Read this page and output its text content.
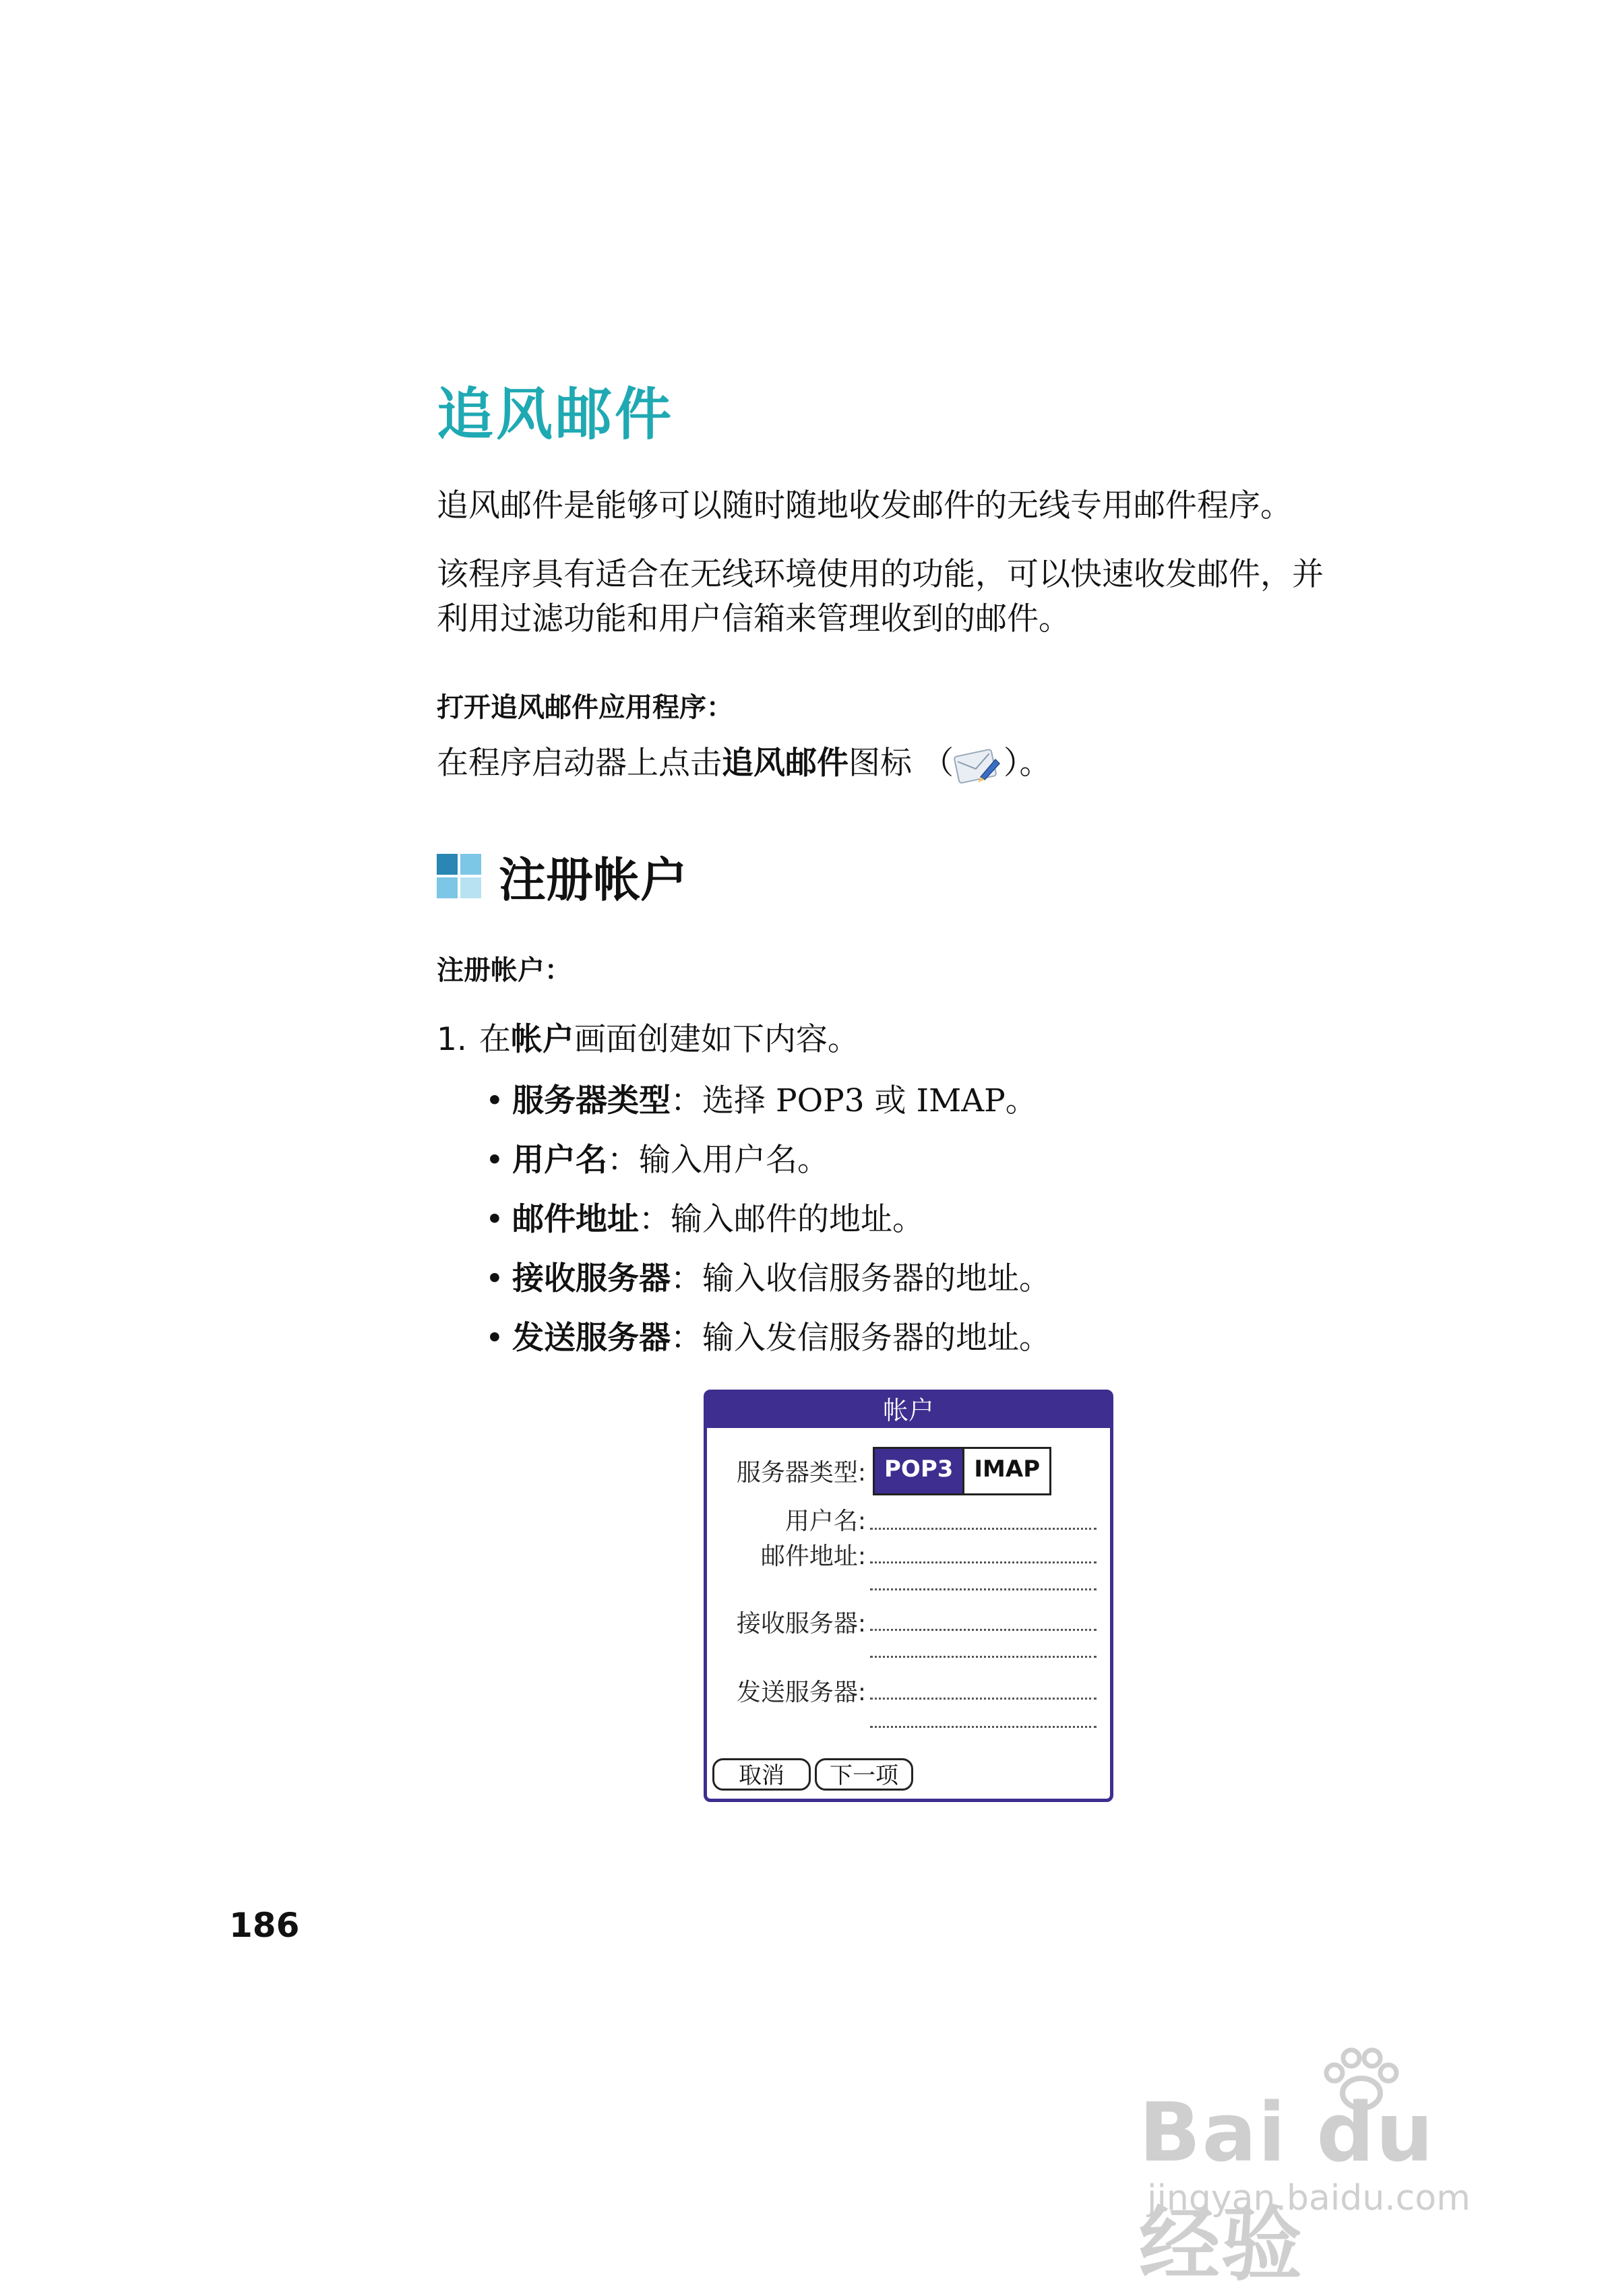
追风邮件
追风邮件是能够可以随时随地收发邮件的无线专用邮件程序。
该程序具有适合在无线环境使用的功能，可以快速收发邮件，并
利用过滤功能和用户信箱来管理收到的邮件。
打开追风邮件应用程序：
在程序启动器上点击追风邮件图标 （ ）。
注册帐户
注册帐户：
1. 在帐户画面创建如下内容。
• 服务器类型：选择 POP3 或 IMAP。
• 用户名：输入用户名。
• 邮件地址：输入邮件的地址。
• 接收服务器：输入收信服务器的地址。
• 发送服务器：输入发信服务器的地址。
帐户
服务器类型: POP3 IMAP
用户名:
邮件地址:
接收服务器:
发送服务器:
取消	下一项
186
Bai du 经验
jingyan.baidu.com
